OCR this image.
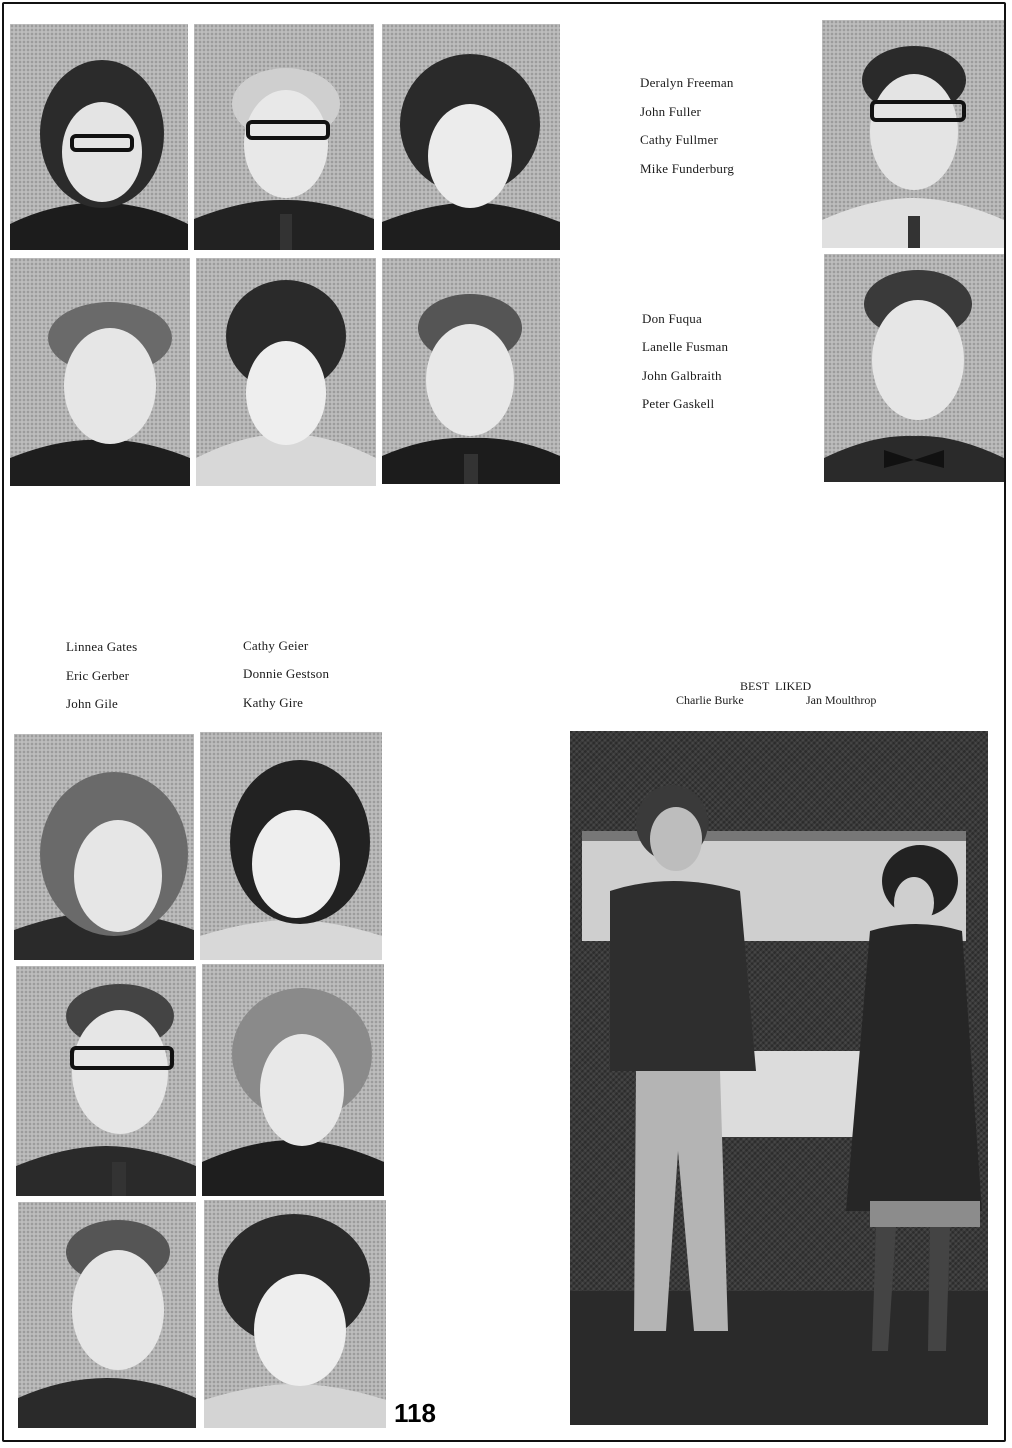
Deralyn Freeman
John Fuller
Cathy Fullmer
Mike Funderburg
Don Fuqua
Lanelle Fusman
John Galbraith
Peter Gaskell
Linnea Gates
Eric Gerber
John Gile
Cathy Geier
Donnie Gestson
Kathy Gire
BEST  LIKED
Charlie Burke	Jan Moulthrop
118
